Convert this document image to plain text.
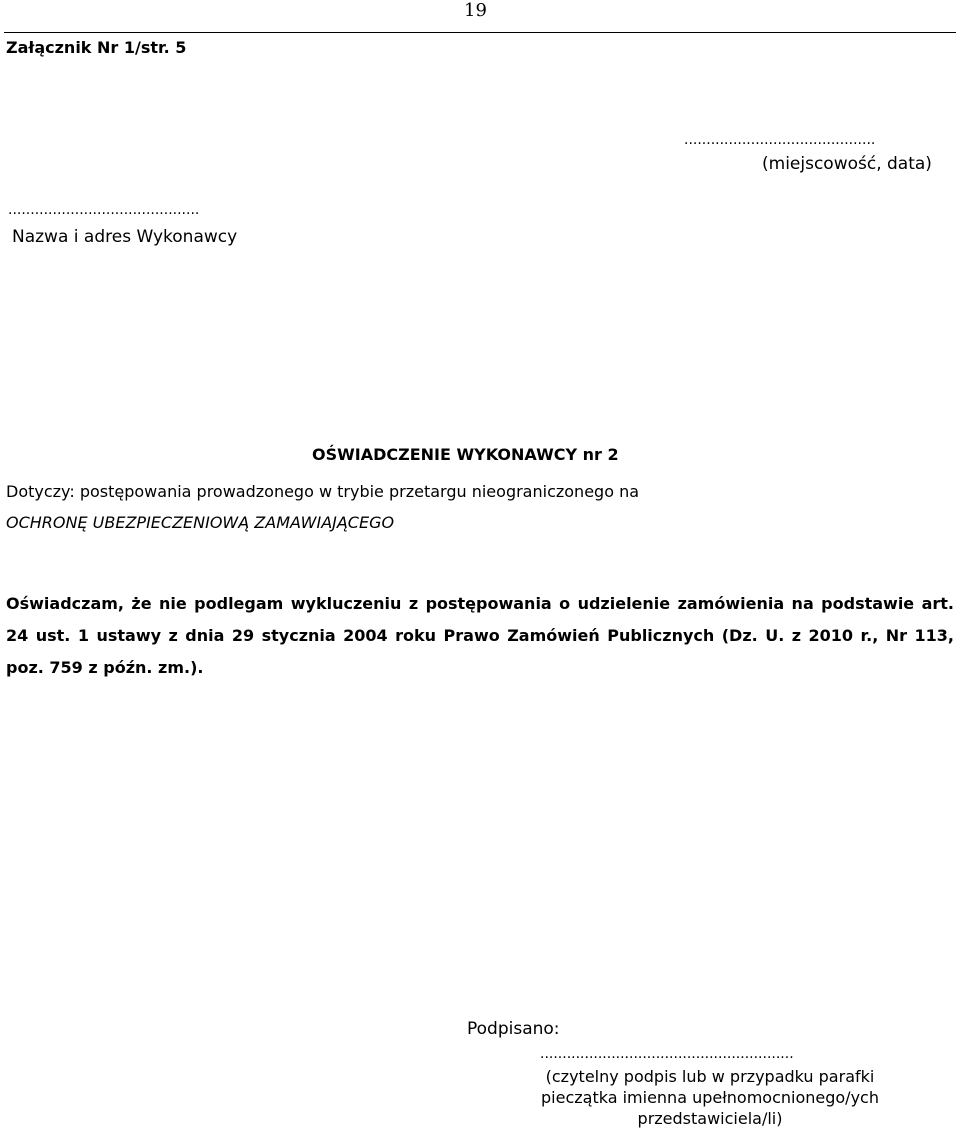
19
Załącznik Nr 1/str. 5
...........................................
(miejscowość, data)
...........................................
Nazwa i adres Wykonawcy
OŚWIADCZENIE WYKONAWCY nr 2
Dotyczy: postępowania prowadzonego w trybie przetargu nieograniczonego na
OCHRONĘ UBEZPIECZENIOWĄ ZAMAWIAJĄCEGO
Oświadczam, że nie podlegam wykluczeniu z postępowania o udzielenie zamówienia na podstawie art. 24 ust. 1 ustawy z dnia 29 stycznia 2004 roku Prawo Zamówień Publicznych (Dz. U. z 2010 r., Nr 113, poz. 759 z późn. zm.).
Podpisano:
.........................................................
(czytelny podpis lub w przypadku parafki
pieczątka imienna upełnomocnionego/ych
przedstawiciela/li)
